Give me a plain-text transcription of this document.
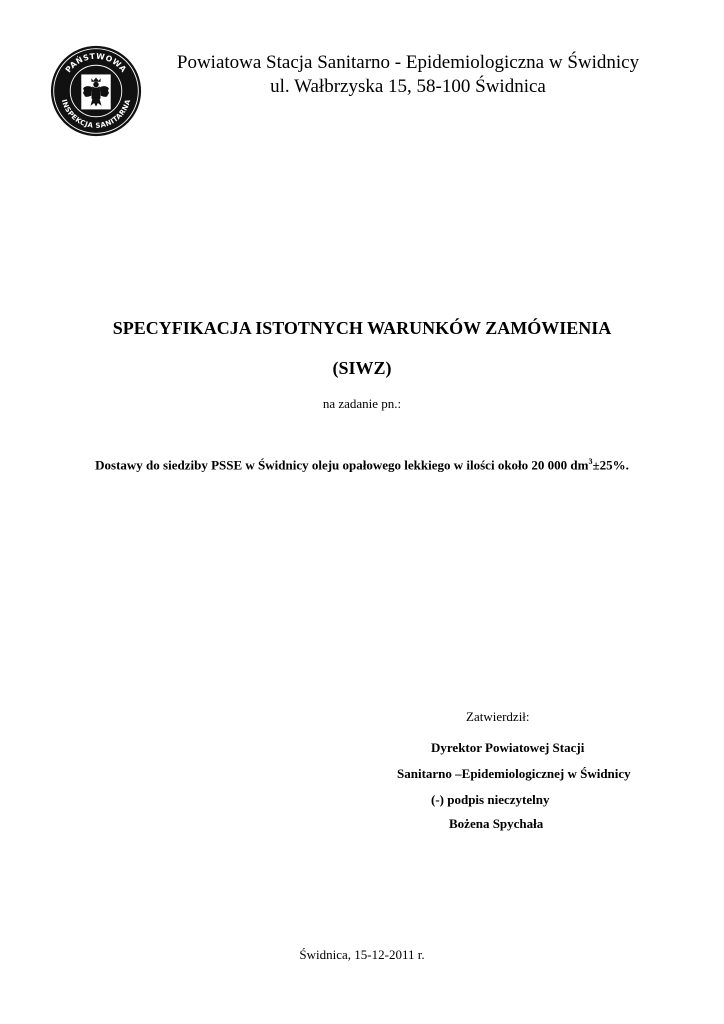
PAŃSTWOWA
INSPEKCJA SANITARNA
Powiatowa Stacja Sanitarno - Epidemiologiczna w Świdnicy
ul. Wałbrzyska 15, 58-100 Świdnica
SPECYFIKACJA ISTOTNYCH WARUNKÓW ZAMÓWIENIA
(SIWZ)
na zadanie pn.:
Dostawy do siedziby PSSE w Świdnicy oleju opałowego lekkiego w ilości około 20 000 $dm^3\pm 25\%$.
Zatwierdził:
Dyrektor Powiatowej Stacji
Sanitarno –Epidemiologicznej w Świdnicy
(-) podpis nieczytelny
Bożena Spychała
Świdnica, 15-12-2011 r.
